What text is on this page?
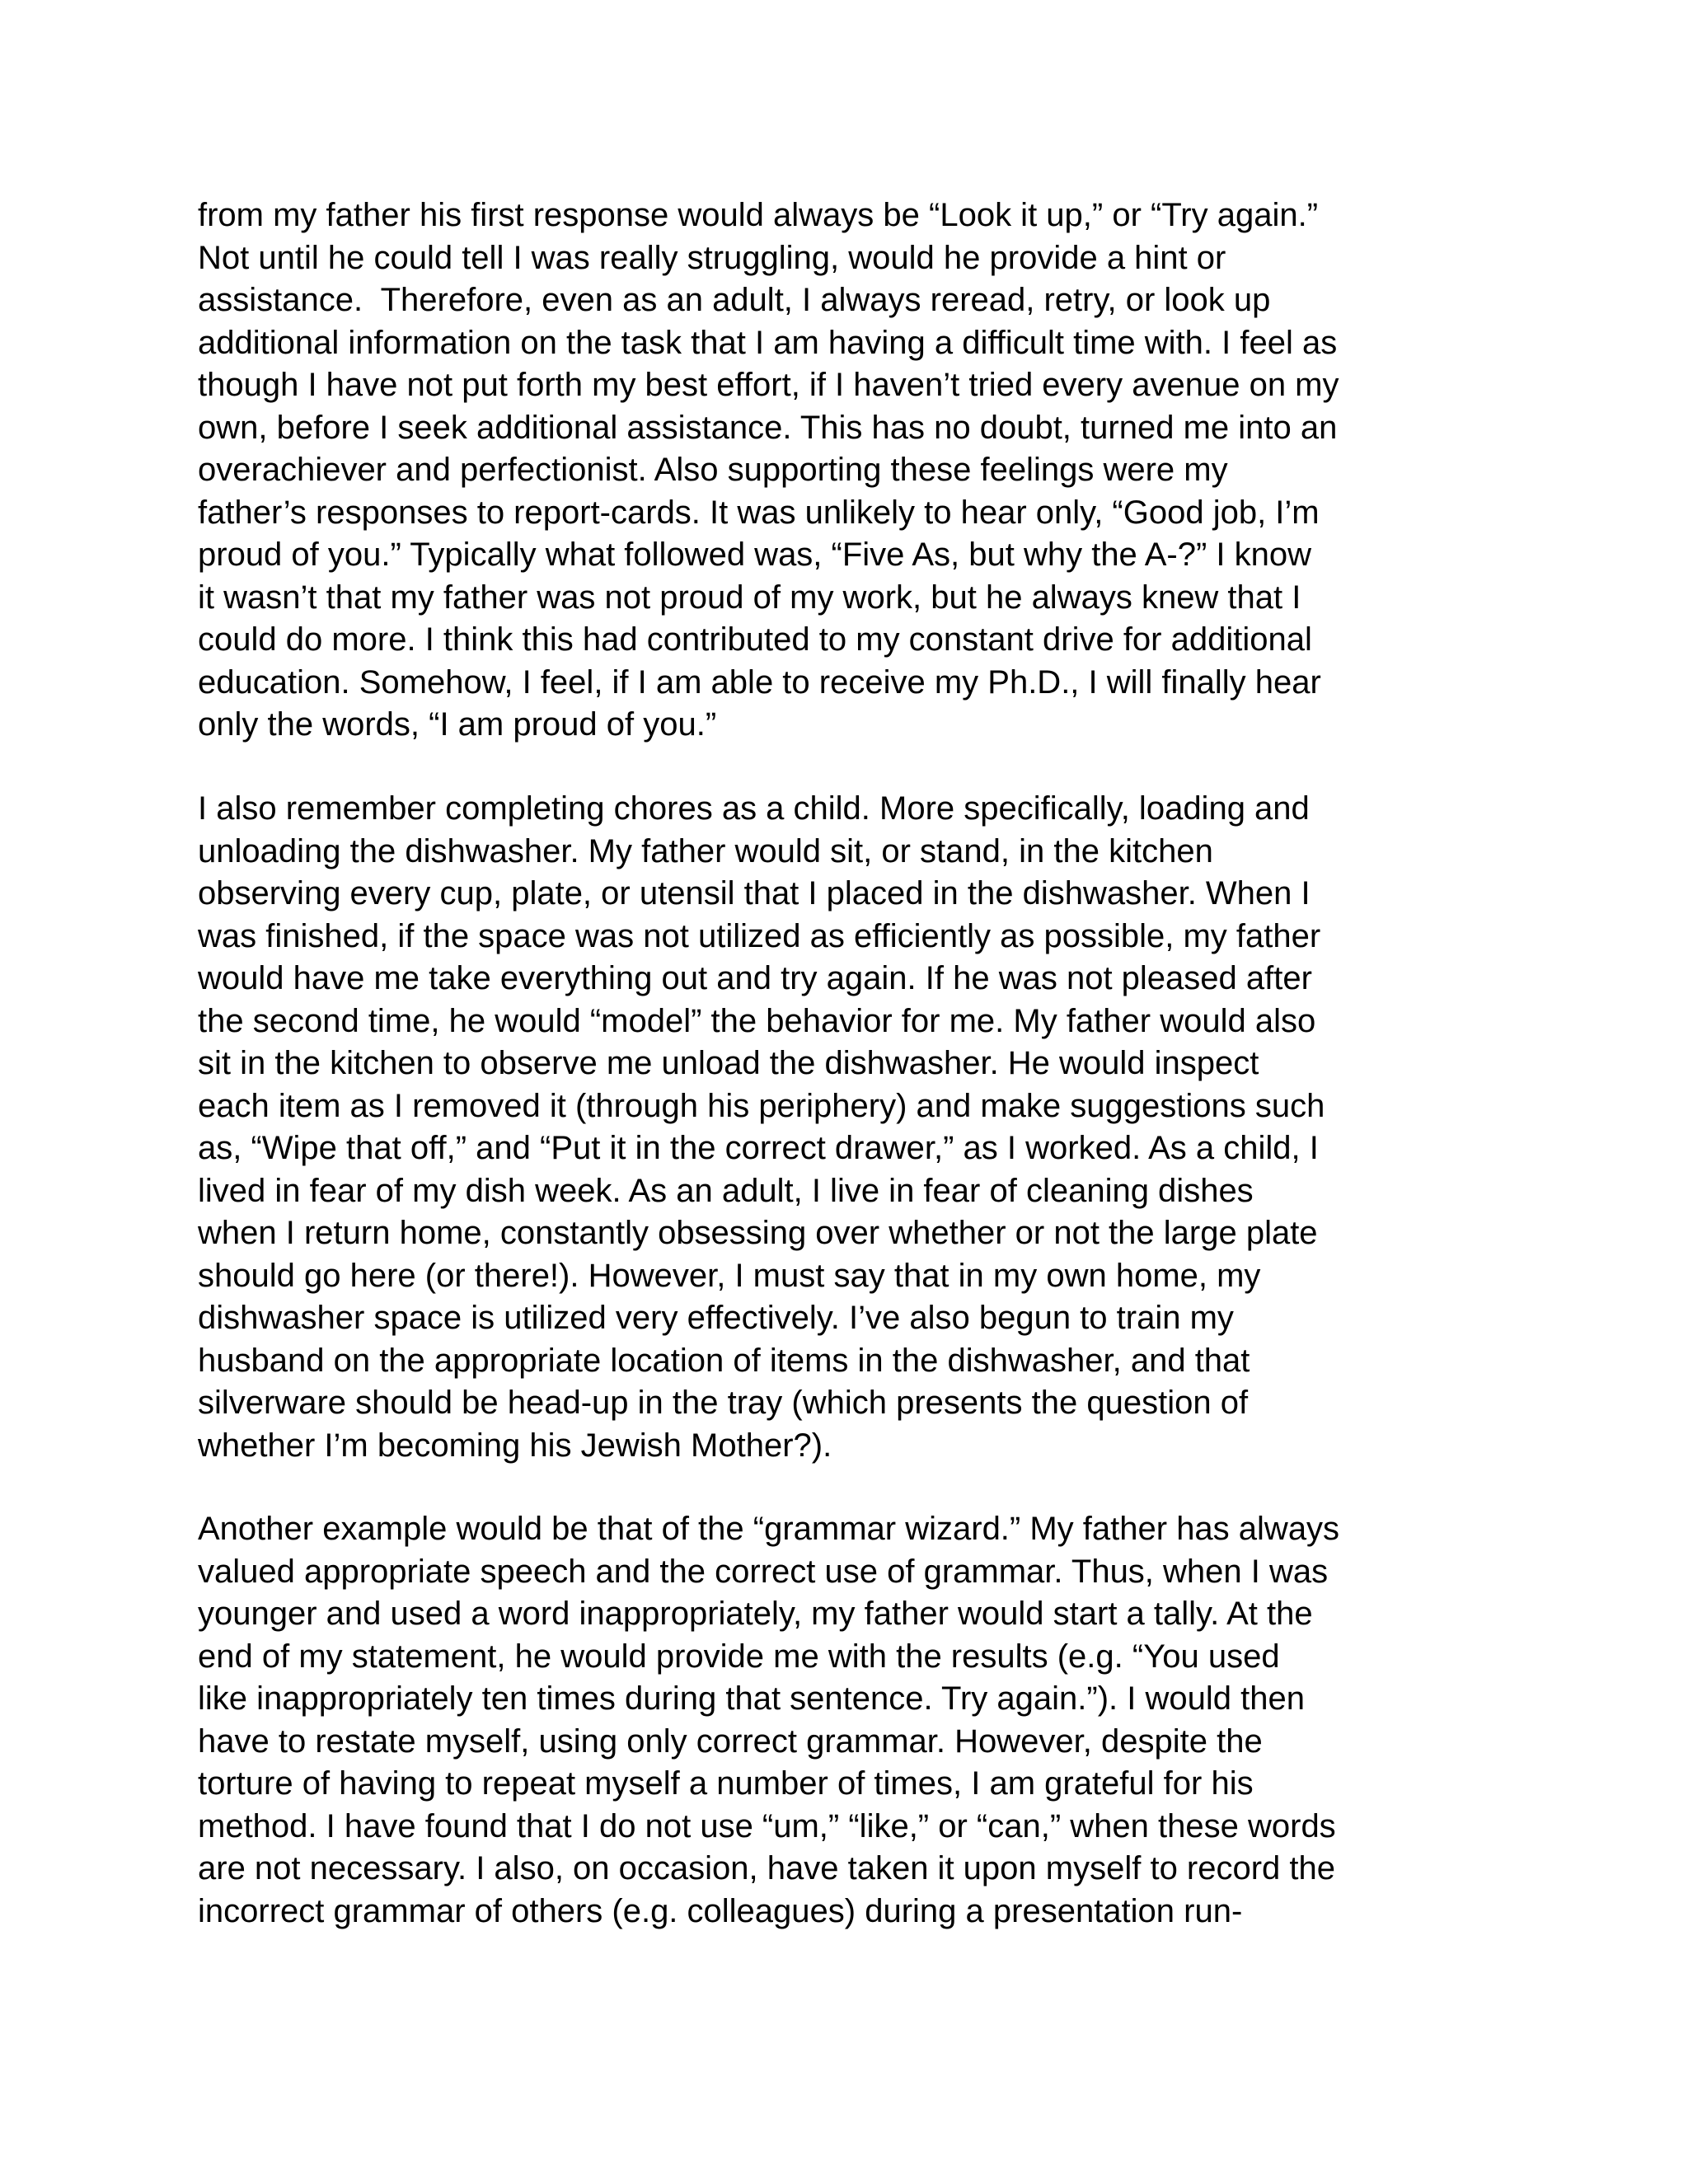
from my father his first response would always be “Look it up,” or “Try again.”
Not until he could tell I was really struggling, would he provide a hint or
assistance.  Therefore, even as an adult, I always reread, retry, or look up
additional information on the task that I am having a difficult time with. I feel as
though I have not put forth my best effort, if I haven’t tried every avenue on my
own, before I seek additional assistance. This has no doubt, turned me into an
overachiever and perfectionist. Also supporting these feelings were my
father’s responses to report-cards. It was unlikely to hear only, “Good job, I’m
proud of you.” Typically what followed was, “Five As, but why the A-?” I know
it wasn’t that my father was not proud of my work, but he always knew that I
could do more. I think this had contributed to my constant drive for additional
education. Somehow, I feel, if I am able to receive my Ph.D., I will finally hear
only the words, “I am proud of you.”
I also remember completing chores as a child. More specifically, loading and
unloading the dishwasher. My father would sit, or stand, in the kitchen
observing every cup, plate, or utensil that I placed in the dishwasher. When I
was finished, if the space was not utilized as efficiently as possible, my father
would have me take everything out and try again. If he was not pleased after
the second time, he would “model” the behavior for me. My father would also
sit in the kitchen to observe me unload the dishwasher. He would inspect
each item as I removed it (through his periphery) and make suggestions such
as, “Wipe that off,” and “Put it in the correct drawer,” as I worked. As a child, I
lived in fear of my dish week. As an adult, I live in fear of cleaning dishes
when I return home, constantly obsessing over whether or not the large plate
should go here (or there!). However, I must say that in my own home, my
dishwasher space is utilized very effectively. I’ve also begun to train my
husband on the appropriate location of items in the dishwasher, and that
silverware should be head-up in the tray (which presents the question of
whether I’m becoming his Jewish Mother?).
Another example would be that of the “grammar wizard.” My father has always
valued appropriate speech and the correct use of grammar. Thus, when I was
younger and used a word inappropriately, my father would start a tally. At the
end of my statement, he would provide me with the results (e.g. “You used
like inappropriately ten times during that sentence. Try again.”). I would then
have to restate myself, using only correct grammar. However, despite the
torture of having to repeat myself a number of times, I am grateful for his
method. I have found that I do not use “um,” “like,” or “can,” when these words
are not necessary. I also, on occasion, have taken it upon myself to record the
incorrect grammar of others (e.g. colleagues) during a presentation run-
